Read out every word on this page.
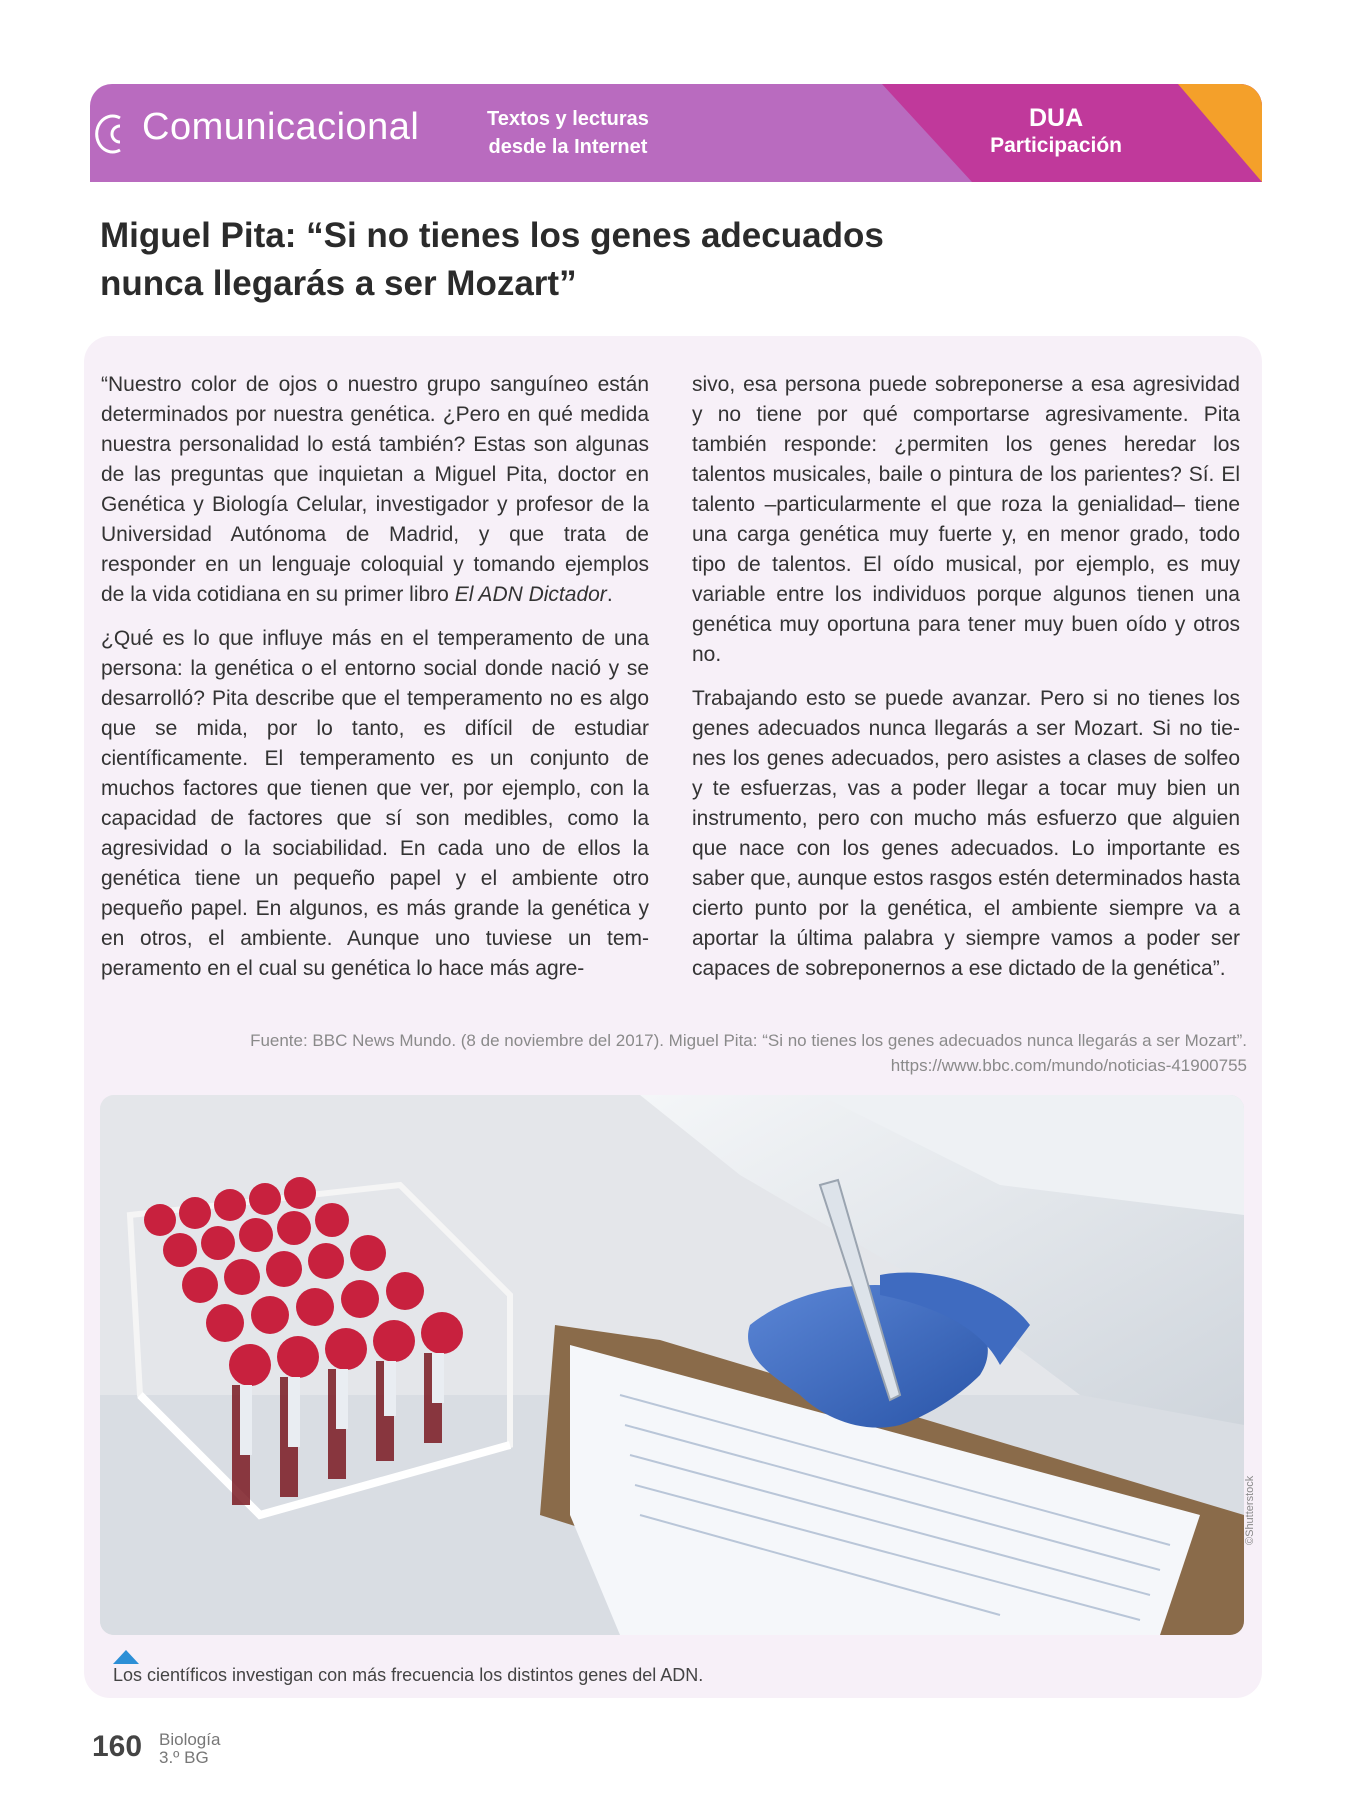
Comunicacional	Textos y lecturas
desde la Internet
DUA
Participación
Miguel Pita: “Si no tienes los genes adecuados
nunca llegarás a ser Mozart”

“Nuestro color de ojos o nuestro grupo sanguíneo están determinados por nuestra genética. ¿Pero en qué medida nuestra personalidad lo está también? Estas son algunas de las preguntas que inquietan a Miguel Pita, doctor en Genética y Biología Celular, investigador y profesor de la Universidad Autónoma de Madrid, y que trata de responder en un lenguaje coloquial y tomando ejemplos de la vida cotidiana en su primer libro El ADN Dictador.

¿Qué es lo que influye más en el temperamento de una persona: la genética o el entorno social donde nació y se desarrolló? Pita describe que el temperamento no es algo que se mida, por lo tanto, es difícil de estudiar científicamente. El temperamento es un conjunto de muchos factores que tienen que ver, por ejemplo, con la capacidad de factores que sí son medibles, como la agresividad o la sociabilidad. En cada uno de ellos la genética tiene un pequeño papel y el ambiente otro pequeño papel. En algunos, es más grande la genética y en otros, el ambiente. Aunque uno tuviese un temperamento en el cual su genética lo hace más agre-

sivo, esa persona puede sobreponerse a esa agresividad y no tiene por qué comportarse agresivamente. Pita también responde: ¿permiten los genes heredar los talentos musicales, baile o pintura de los parientes? Sí. El talento –particularmente el que roza la genialidad– tiene una carga genética muy fuerte y, en menor grado, todo tipo de talentos. El oído musical, por ejemplo, es muy variable entre los individuos porque algunos tienen una genética muy oportuna para tener muy buen oído y otros no.

Trabajando esto se puede avanzar. Pero si no tienes los genes adecuados nunca llegarás a ser Mozart. Si no tienes los genes adecuados, pero asistes a clases de solfeo y te esfuerzas, vas a poder llegar a tocar muy bien un instrumento, pero con mucho más esfuerzo que alguien que nace con los genes adecuados. Lo importante es saber que, aunque estos rasgos estén determinados hasta cierto punto por la genética, el ambiente siempre va a aportar la última palabra y siempre vamos a poder ser capaces de sobreponernos a ese dictado de la genética”.

Fuente: BBC News Mundo. (8 de noviembre del 2017). Miguel Pita: “Si no tienes los genes adecuados nunca llegarás a ser Mozart”.
https://www.bbc.com/mundo/noticias-41900755
©Shutterstock
Los científicos investigan con más frecuencia los distintos genes del ADN.
160 Biología
3.º BG
